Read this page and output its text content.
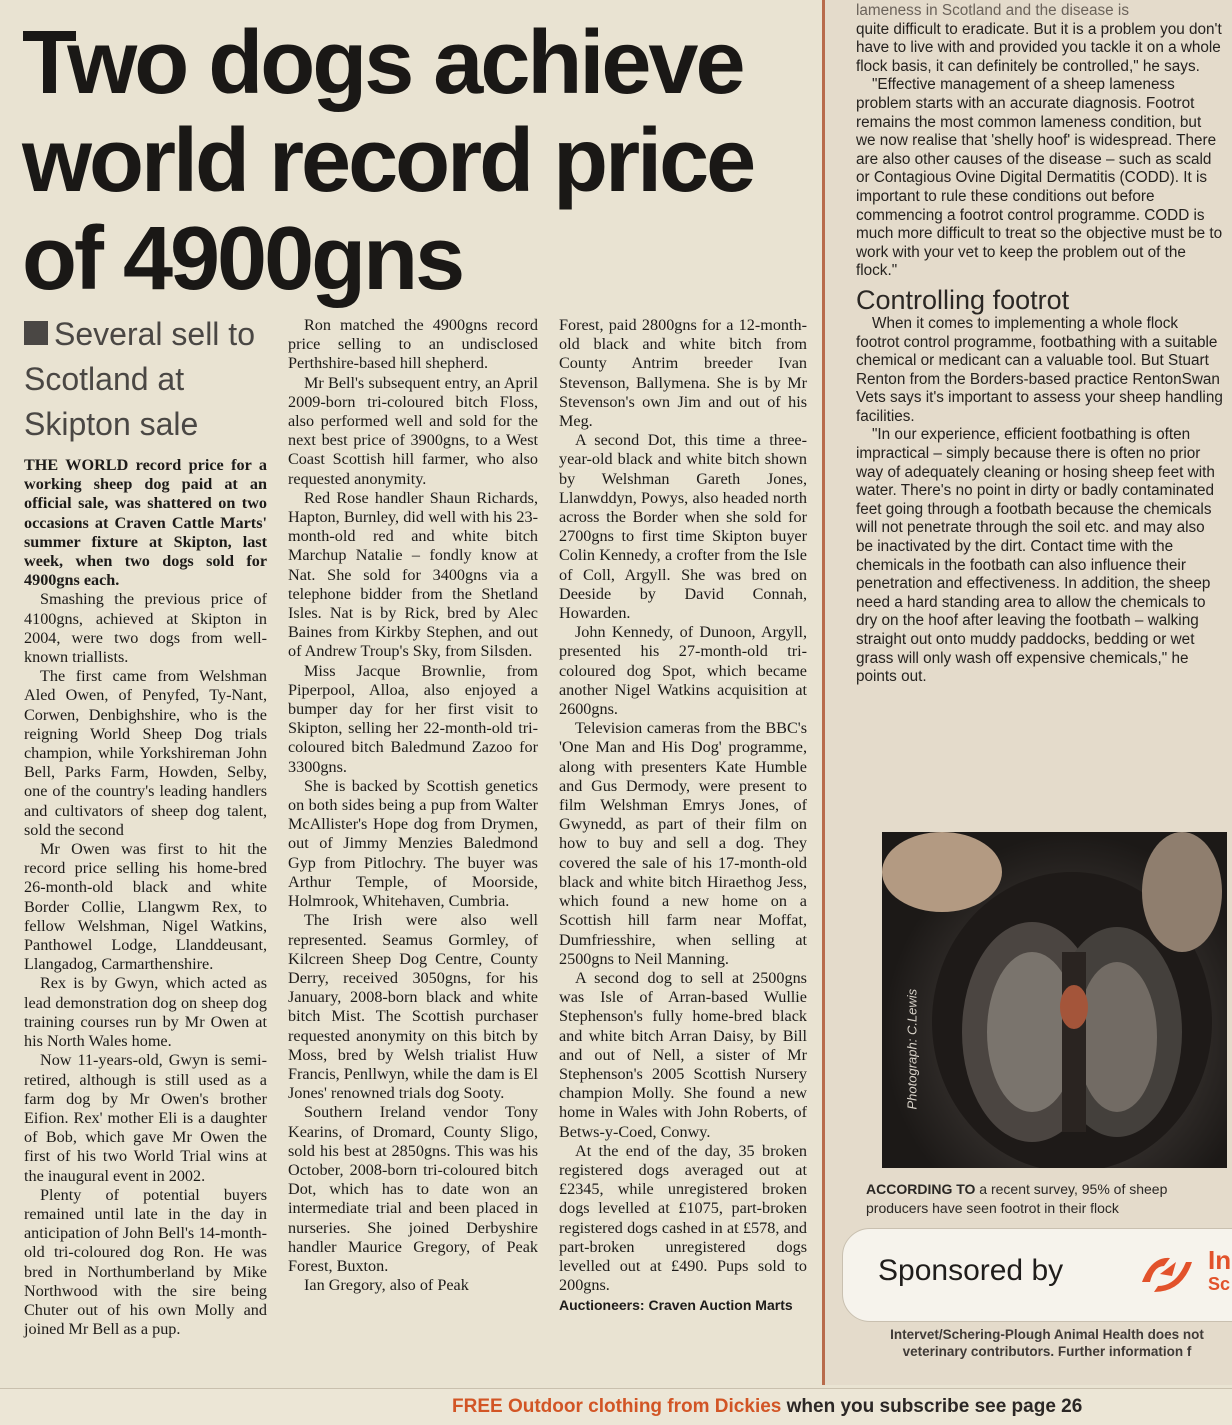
Two dogs achieve world record price of 4900gns
Several sell to Scotland at Skipton sale

THE WORLD record price for a working sheep dog paid at an official sale, was shattered on two occasions at Craven Cattle Marts' summer fixture at Skipton, last week, when two dogs sold for 4900gns each.

Smashing the previous price of 4100gns, achieved at Skipton in 2004, were two dogs from well-known triallists.

The first came from Welshman Aled Owen, of Penyfed, Ty-Nant, Corwen, Denbighshire, who is the reigning World Sheep Dog trials champion, while Yorkshireman John Bell, Parks Farm, Howden, Selby, one of the country's leading handlers and cultivators of sheep dog talent, sold the second

Mr Owen was first to hit the record price selling his home-bred 26-month-old black and white Border Collie, Llangwm Rex, to fellow Welshman, Nigel Watkins, Panthowel Lodge, Llanddeusant, Llangadog, Carmarthenshire.

Rex is by Gwyn, which acted as lead demonstration dog on sheep dog training courses run by Mr Owen at his North Wales home.

Now 11-years-old, Gwyn is semi-retired, although is still used as a farm dog by Mr Owen's brother Eifion. Rex' mother Eli is a daughter of Bob, which gave Mr Owen the first of his two World Trial wins at the inaugural event in 2002.

Plenty of potential buyers remained until late in the day in anticipation of John Bell's 14-month-old tri-coloured dog Ron. He was bred in Northumberland by Mike Northwood with the sire being Chuter out of his own Molly and joined Mr Bell as a pup.

Ron matched the 4900gns record price selling to an undisclosed Perthshire-based hill shepherd.

Mr Bell's subsequent entry, an April 2009-born tri-coloured bitch Floss, also performed well and sold for the next best price of 3900gns, to a West Coast Scottish hill farmer, who also requested anonymity.

Red Rose handler Shaun Richards, Hapton, Burnley, did well with his 23-month-old red and white bitch Marchup Natalie – fondly know at Nat. She sold for 3400gns via a telephone bidder from the Shetland Isles. Nat is by Rick, bred by Alec Baines from Kirkby Stephen, and out of Andrew Troup's Sky, from Silsden.

Miss Jacque Brownlie, from Piperpool, Alloa, also enjoyed a bumper day for her first visit to Skipton, selling her 22-month-old tri-coloured bitch Baledmund Zazoo for 3300gns.

She is backed by Scottish genetics on both sides being a pup from Walter McAllister's Hope dog from Drymen, out of Jimmy Menzies Baledmond Gyp from Pitlochry. The buyer was Arthur Temple, of Moorside, Holmrook, Whitehaven, Cumbria.

The Irish were also well represented. Seamus Gormley, of Kilcreen Sheep Dog Centre, County Derry, received 3050gns, for his January, 2008-born black and white bitch Mist. The Scottish purchaser requested anonymity on this bitch by Moss, bred by Welsh trialist Huw Francis, Penllwyn, while the dam is El Jones' renowned trials dog Sooty.

Southern Ireland vendor Tony Kearins, of Dromard, County Sligo, sold his best at 2850gns. This was his October, 2008-born tri-coloured bitch Dot, which has to date won an intermediate trial and been placed in nurseries. She joined Derbyshire handler Maurice Gregory, of Peak Forest, Buxton.

Ian Gregory, also of Peak

Forest, paid 2800gns for a 12-month-old black and white bitch from County Antrim breeder Ivan Stevenson, Ballymena. She is by Mr Stevenson's own Jim and out of his Meg.

A second Dot, this time a three-year-old black and white bitch shown by Welshman Gareth Jones, Llanwddyn, Powys, also headed north across the Border when she sold for 2700gns to first time Skipton buyer Colin Kennedy, a crofter from the Isle of Coll, Argyll. She was bred on Deeside by David Connah, Howarden.

John Kennedy, of Dunoon, Argyll, presented his 27-month-old tri-coloured dog Spot, which became another Nigel Watkins acquisition at 2600gns.

Television cameras from the BBC's 'One Man and His Dog' programme, along with presenters Kate Humble and Gus Dermody, were present to film Welshman Emrys Jones, of Gwynedd, as part of their film on how to buy and sell a dog. They covered the sale of his 17-month-old black and white bitch Hiraethog Jess, which found a new home on a Scottish hill farm near Moffat, Dumfriesshire, when selling at 2500gns to Neil Manning.

A second dog to sell at 2500gns was Isle of Arran-based Wullie Stephenson's fully home-bred black and white bitch Arran Daisy, by Bill and out of Nell, a sister of Mr Stephenson's 2005 Scottish Nursery champion Molly. She found a new home in Wales with John Roberts, of Betws-y-Coed, Conwy.

At the end of the day, 35 broken registered dogs averaged out at £2345, while unregistered broken dogs levelled at £1075, part-broken registered dogs cashed in at £578, and part-broken unregistered dogs levelled out at £490. Pups sold to 200gns.

Auctioneers: Craven Auction Marts

lameness in Scotland and the disease is

quite difficult to eradicate. But it is a problem you don't have to live with and provided you tackle it on a whole flock basis, it can definitely be controlled," he says.

"Effective management of a sheep lameness problem starts with an accurate diagnosis. Footrot remains the most common lameness condition, but we now realise that 'shelly hoof' is widespread. There are also other causes of the disease – such as scald or Contagious Ovine Digital Dermatitis (CODD). It is important to rule these conditions out before commencing a footrot control programme. CODD is much more difficult to treat so the objective must be to work with your vet to keep the problem out of the flock."

Controlling footrot

When it comes to implementing a whole flock footrot control programme, footbathing with a suitable chemical or medicant can a valuable tool. But Stuart Renton from the Borders-based practice RentonSwan Vets says it's important to assess your sheep handling facilities.

"In our experience, efficient footbathing is often impractical – simply because there is often no prior way of adequately cleaning or hosing sheep feet with water. There's no point in dirty or badly contaminated feet going through a footbath because the chemicals will not penetrate through the soil etc. and may also be inactivated by the dirt. Contact time with the chemicals in the footbath can also influence their penetration and effectiveness. In addition, the sheep need a hard standing area to allow the chemicals to dry on the hoof after leaving the footbath – walking straight out onto muddy paddocks, bedding or wet grass will only wash off expensive chemicals," he points out.

Photograph: C.Lewis
ACCORDING TO a recent survey, 95% of sheep producers have seen footrot in their flock
Sponsored by	In
Sc
Intervet/Schering-Plough Animal Health does not
veterinary contributors. Further information f
FREE Outdoor clothing from Dickies when you subscribe see page 26
